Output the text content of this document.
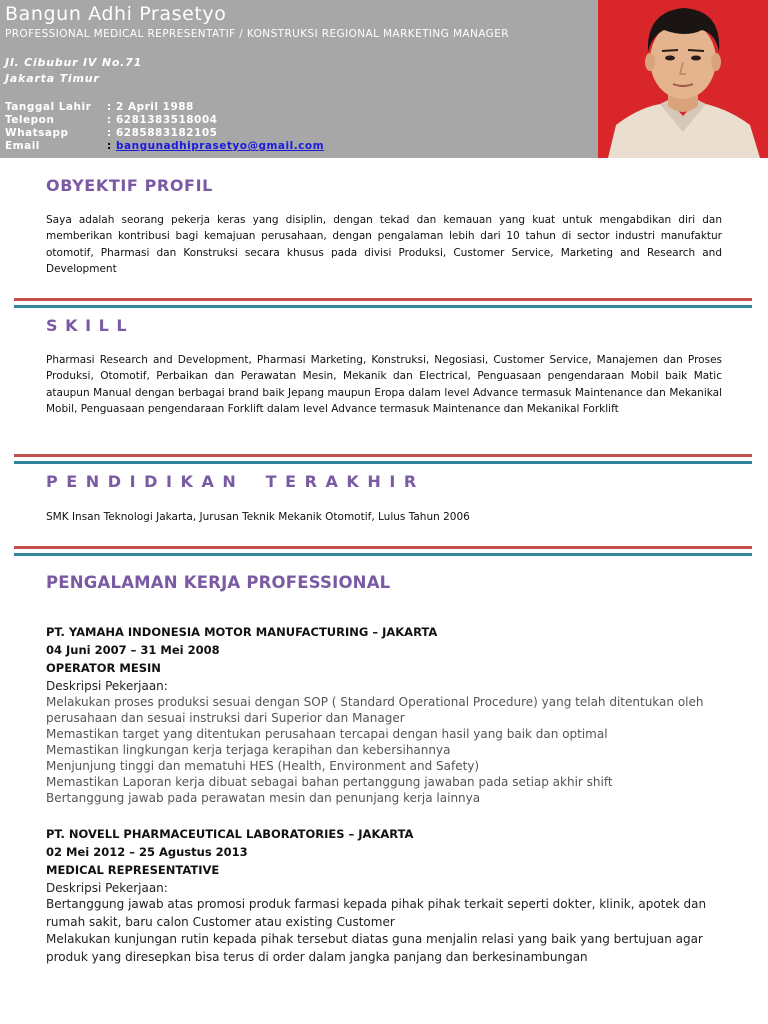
Bangun Adhi Prasetyo
PROFESSIONAL MEDICAL REPRESENTATIF / KONSTRUKSI REGIONAL MARKETING MANAGER
Jl. Cibubur IV No.71
Jakarta Timur
Tanggal Lahir : 2 April 1988
Telepon	: 6281383518004
Whatsapp	: 6285883182105
Email	: bangunadhiprasetyo@gmail.com
OBYEKTIF PROFIL
Saya adalah seorang pekerja keras yang disiplin, dengan tekad dan kemauan yang kuat untuk mengabdikan diri dan memberikan kontribusi bagi kemajuan perusahaan, dengan pengalaman lebih dari 10 tahun di sector industri manufaktur otomotif, Pharmasi dan Konstruksi secara khusus pada divisi Produksi, Customer Service, Marketing and Research and Development
S K I L L
Pharmasi Research and Development, Pharmasi Marketing, Konstruksi, Negosiasi, Customer Service, Manajemen dan Proses Produksi, Otomotif, Perbaikan dan Perawatan Mesin, Mekanik dan Electrical, Penguasaan pengendaraan Mobil baik Matic ataupun Manual dengan berbagai brand baik Jepang maupun Eropa dalam level Advance termasuk Maintenance dan Mekanikal Mobil, Penguasaan pengendaraan Forklift dalam level Advance termasuk Maintenance dan Mekanikal Forklift
P E N D I D I K A N    T E R A K H I R
SMK Insan Teknologi Jakarta, Jurusan Teknik Mekanik Otomotif, Lulus Tahun 2006
PENGALAMAN KERJA PROFESSIONAL
PT. YAMAHA INDONESIA MOTOR MANUFACTURING – JAKARTA
04 Juni 2007 – 31 Mei 2008
OPERATOR MESIN
Deskripsi Pekerjaan:
Melakukan proses produksi sesuai dengan SOP ( Standard Operational Procedure) yang telah ditentukan oleh perusahaan dan sesuai instruksi dari Superior dan Manager
Memastikan target yang ditentukan perusahaan tercapai dengan hasil yang baik dan optimal
Memastikan lingkungan kerja terjaga kerapihan dan kebersihannya
Menjunjung tinggi dan mematuhi HES (Health, Environment and Safety)
Memastikan Laporan kerja dibuat sebagai bahan pertanggung jawaban pada setiap akhir shift
Bertanggung jawab pada perawatan mesin dan penunjang kerja lainnya
PT. NOVELL PHARMACEUTICAL LABORATORIES – JAKARTA
02 Mei 2012 – 25 Agustus 2013
MEDICAL REPRESENTATIVE
Deskripsi Pekerjaan:
Bertanggung jawab atas promosi produk farmasi kepada pihak pihak terkait seperti dokter, klinik, apotek dan rumah sakit, baru calon Customer atau existing Customer
Melakukan kunjungan rutin kepada pihak tersebut diatas guna menjalin relasi yang baik yang bertujuan agar produk yang diresepkan bisa terus di order dalam jangka panjang dan berkesinambungan
